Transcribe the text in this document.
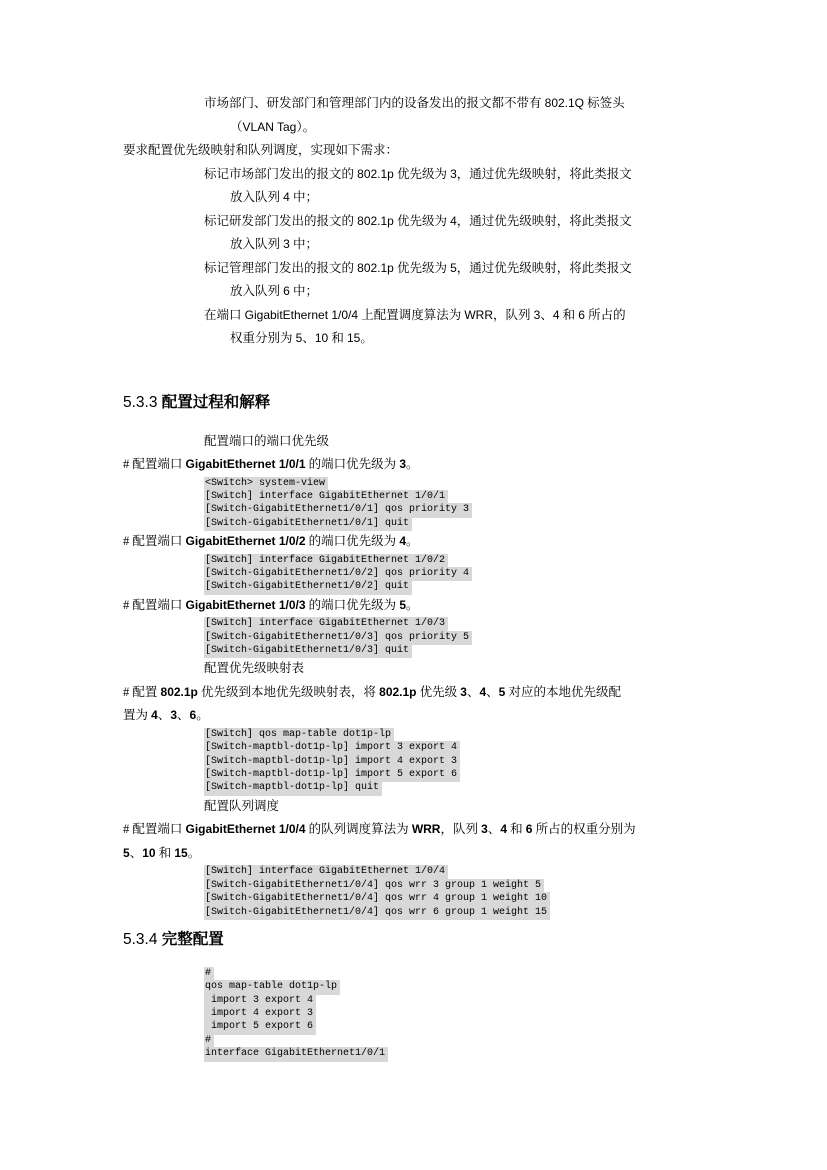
市场部门、研发部门和管理部门内的设备发出的报文都不带有 802.1Q 标签头
（VLAN Tag）。
要求配置优先级映射和队列调度，实现如下需求：
标记市场部门发出的报文的 802.1p 优先级为 3，通过优先级映射，将此类报文
放入队列 4 中；
标记研发部门发出的报文的 802.1p 优先级为 4，通过优先级映射，将此类报文
放入队列 3 中；
标记管理部门发出的报文的 802.1p 优先级为 5，通过优先级映射，将此类报文
放入队列 6 中；
在端口 GigabitEthernet 1/0/4 上配置调度算法为 WRR，队列 3、4 和 6 所占的
权重分别为 5、10 和 15。
5.3.3 配置过程和解释
配置端口的端口优先级
# 配置端口 GigabitEthernet 1/0/1 的端口优先级为 3。
<Switch> system-view
[Switch] interface GigabitEthernet 1/0/1
[Switch-GigabitEthernet1/0/1] qos priority 3
[Switch-GigabitEthernet1/0/1] quit
# 配置端口 GigabitEthernet 1/0/2 的端口优先级为 4。
[Switch] interface GigabitEthernet 1/0/2
[Switch-GigabitEthernet1/0/2] qos priority 4
[Switch-GigabitEthernet1/0/2] quit
# 配置端口 GigabitEthernet 1/0/3 的端口优先级为 5。
[Switch] interface GigabitEthernet 1/0/3
[Switch-GigabitEthernet1/0/3] qos priority 5
[Switch-GigabitEthernet1/0/3] quit
配置优先级映射表
# 配置 802.1p 优先级到本地优先级映射表，将 802.1p 优先级 3、4、5 对应的本地优先级配
置为 4、3、6。
[Switch] qos map-table dot1p-lp
[Switch-maptbl-dot1p-lp] import 3 export 4
[Switch-maptbl-dot1p-lp] import 4 export 3
[Switch-maptbl-dot1p-lp] import 5 export 6
[Switch-maptbl-dot1p-lp] quit
配置队列调度
# 配置端口 GigabitEthernet 1/0/4 的队列调度算法为 WRR，队列 3、4 和 6 所占的权重分别为
5、10 和 15。
[Switch] interface GigabitEthernet 1/0/4
[Switch-GigabitEthernet1/0/4] qos wrr 3 group 1 weight 5
[Switch-GigabitEthernet1/0/4] qos wrr 4 group 1 weight 10
[Switch-GigabitEthernet1/0/4] qos wrr 6 group 1 weight 15
5.3.4 完整配置
#
qos map-table dot1p-lp
import 3 export 4
import 4 export 3
import 5 export 6
#
interface GigabitEthernet1/0/1
